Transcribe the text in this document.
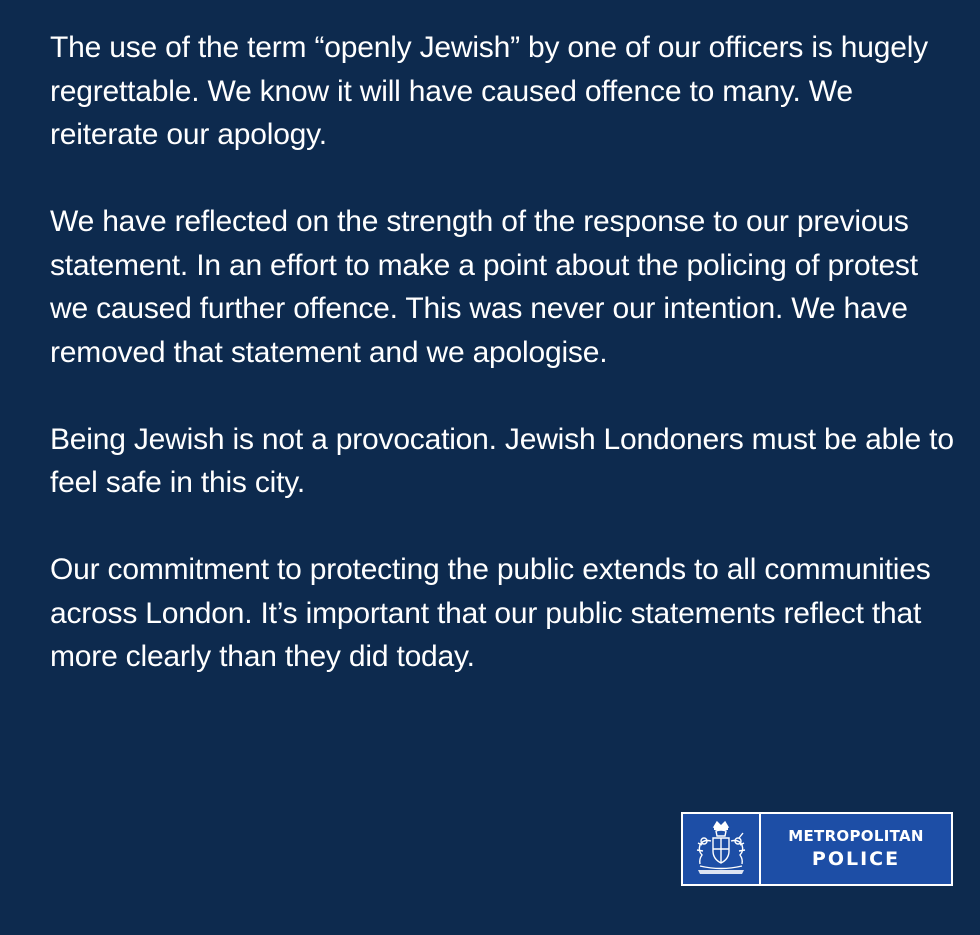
The use of the term “openly Jewish” by one of our officers is hugely regrettable. We know it will have caused offence to many. We reiterate our apology.

We have reflected on the strength of the response to our previous statement. In an effort to make a point about the policing of protest we caused further offence. This was never our intention. We have removed that statement and we apologise.

Being Jewish is not a provocation. Jewish Londoners must be able to feel safe in this city.

Our commitment to protecting the public extends to all communities across London. It’s important that our public statements reflect that more clearly than they did today.

METROPOLITAN
POLICE
